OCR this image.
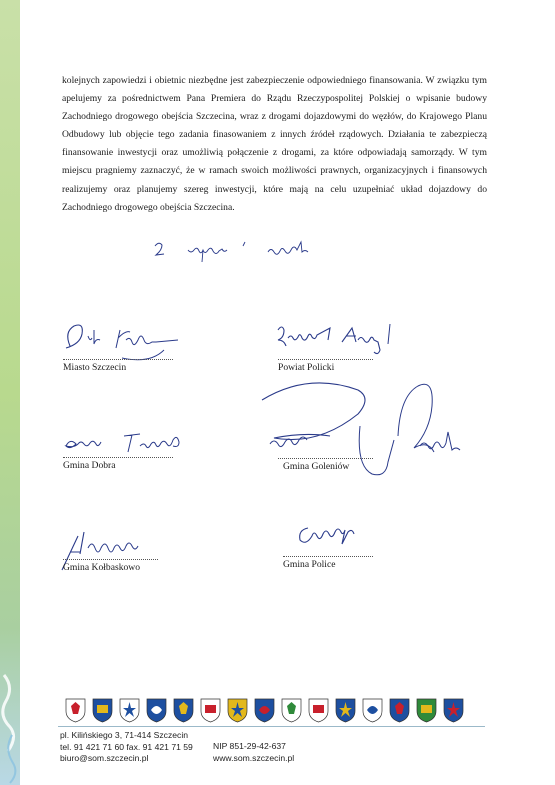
kolejnych zapowiedzi i obietnic niezbędne jest zabezpieczenie odpowiedniego finansowania. W związku tym apelujemy za pośrednictwem Pana Premiera do Rządu Rzeczypospolitej Polskiej o wpisanie budowy Zachodniego drogowego obejścia Szczecina, wraz z drogami dojazdowymi do węzłów, do Krajowego Planu Odbudowy lub objęcie tego zadania finasowaniem z innych źródeł rządowych. Działania te zabezpieczą finansowanie inwestycji oraz umożliwią połączenie z drogami, za które odpowiadają samorządy. W tym miejscu pragniemy zaznaczyć, że w ramach swoich możliwości prawnych, organizacyjnych i finansowych realizujemy oraz planujemy szereg inwestycji, które mają na celu uzupełniać układ dojazdowy do Zachodniego drogowego obejścia Szczecina.

Miasto Szczecin	Powiat Policki
Gmina Dobra	Gmina Goleniów
Gmina Kołbaskowo	Gmina Police
pl. Kilińskiego 3, 71-414 Szczecin
tel. 91 421 71 60 fax. 91 421 71 59
biuro@som.szczecin.pl
NIP 851-29-42-637
www.som.szczecin.pl
